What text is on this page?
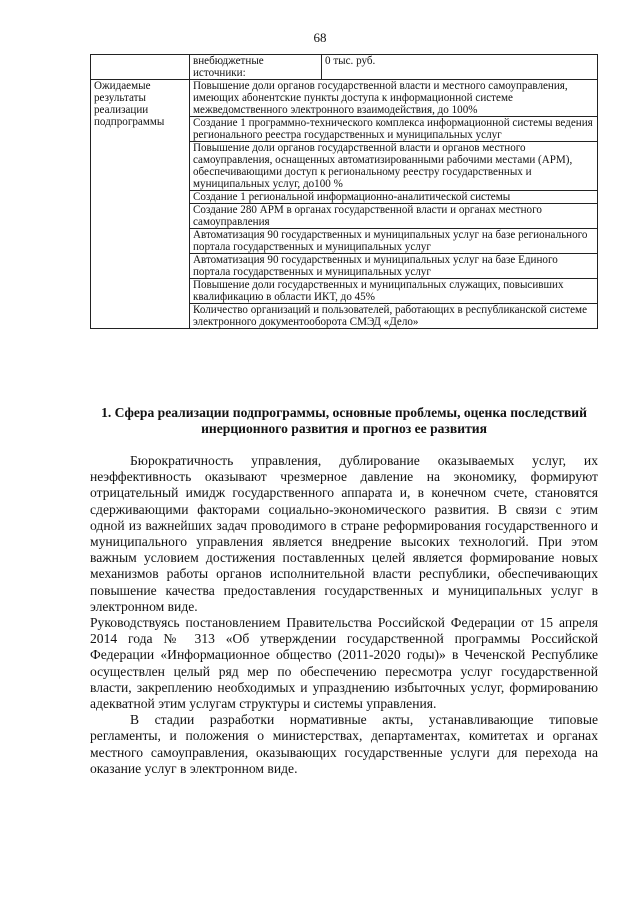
68
	внебюджетные источники:	0 тыс. руб.
Ожидаемые результаты реализации подпрограммы	Повышение доли органов государственной власти и местного самоуправления, имеющих абонентские пункты доступа к информационной системе межведомственного электронного взаимодействия, до 100%	
	Создание 1 программно-технического комплекса информационной системы ведения регионального реестра государственных и муниципальных услуг	
	Повышение доли органов государственной власти и органов местного самоуправления, оснащенных автоматизированными рабочими местами (АРМ), обеспечивающими доступ к региональному реестру государственных и муниципальных услуг, до100 %	
	Создание 1 региональной информационно-аналитической системы	
	Создание 280 АРМ в органах государственной власти и органах местного самоуправления	
	Автоматизация 90 государственных и муниципальных услуг на базе регионального портала государственных и муниципальных услуг	
	Автоматизация 90 государственных и муниципальных услуг на базе Единого портала государственных и муниципальных услуг	
	Повышение доли государственных и муниципальных служащих, повысивших квалификацию в области ИКТ, до 45%	
	Количество организаций и пользователей, работающих в республиканской системе электронного документооборота СМЭД «Дело»	
1. Сфера реализации подпрограммы, основные проблемы, оценка последствий инерционного развития и прогноз ее развития

Бюрократичность управления, дублирование оказываемых услуг, их неэффективность оказывают чрезмерное давление на экономику, формируют отрицательный имидж государственного аппарата и, в конечном счете, становятся сдерживающими факторами социально-экономического развития. В связи с этим одной из важнейших задач проводимого в стране реформирования государственного и муниципального управления является внедрение высоких технологий. При этом важным условием достижения поставленных целей является формирование новых механизмов работы органов исполнительной власти республики, обеспечивающих повышение качества предоставления государственных и муниципальных услуг в электронном виде.

Руководствуясь постановлением Правительства Российской Федерации от 15 апреля 2014 года № 313 «Об утверждении государственной программы Российской Федерации «Информационное общество (2011-2020 годы)» в Чеченской Республике осуществлен целый ряд мер по обеспечению пересмотра услуг государственной власти, закреплению необходимых и упразднению избыточных услуг, формированию адекватной этим услугам структуры и системы управления.

В стадии разработки нормативные акты, устанавливающие типовые регламенты, и положения о министерствах, департаментах, комитетах и органах местного самоуправления, оказывающих государственные услуги для перехода на оказание услуг в электронном виде.
